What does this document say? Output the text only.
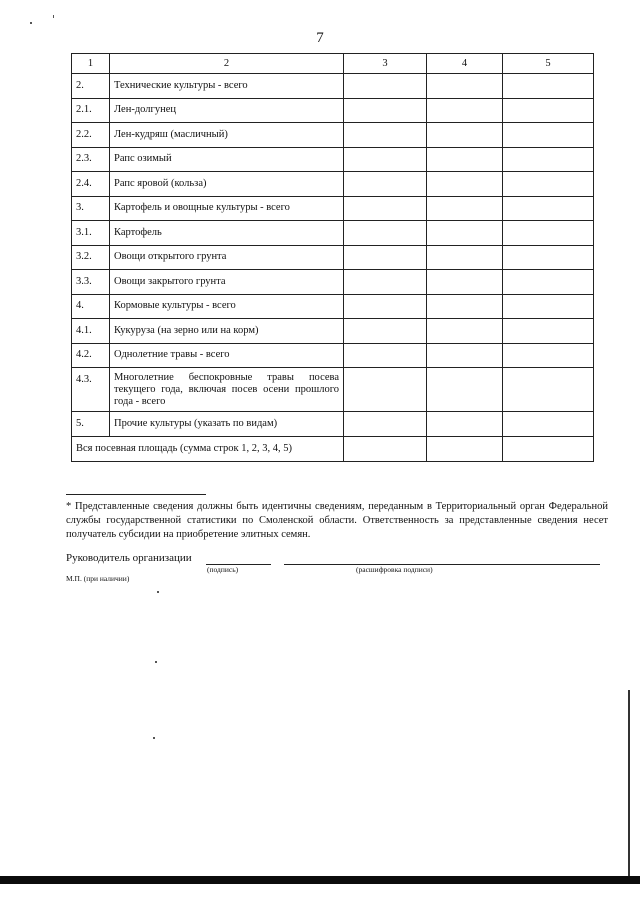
7
1	2	3	4	5
2.	Технические культуры - всего			
2.1.	Лен-долгунец			
2.2.	Лен-кудряш (масличный)			
2.3.	Рапс озимый			
2.4.	Рапс яровой (кольза)			
3.	Картофель и овощные культуры - всего			
3.1.	Картофель			
3.2.	Овощи открытого грунта			
3.3.	Овощи закрытого грунта			
4.	Кормовые культуры - всего			
4.1.	Кукуруза (на зерно или на корм)			
4.2.	Однолетние травы - всего			
4.3.	Многолетние беспокровные травы посева текущего года, включая посев осени прошлого года - всего			
5.	Прочие культуры (указать по видам)			
Вся посевная площадь (сумма строк 1, 2, 3, 4, 5)				
* Представленные сведения должны быть идентичны сведениям, переданным в Территориальный орган Федеральной службы государственной статистики по Смоленской области. Ответственность за представленные сведения несет получатель субсидии на приобретение элитных семян.
Руководитель организации
(подпись)	(расшифровка подписи)
М.П. (при наличии)
